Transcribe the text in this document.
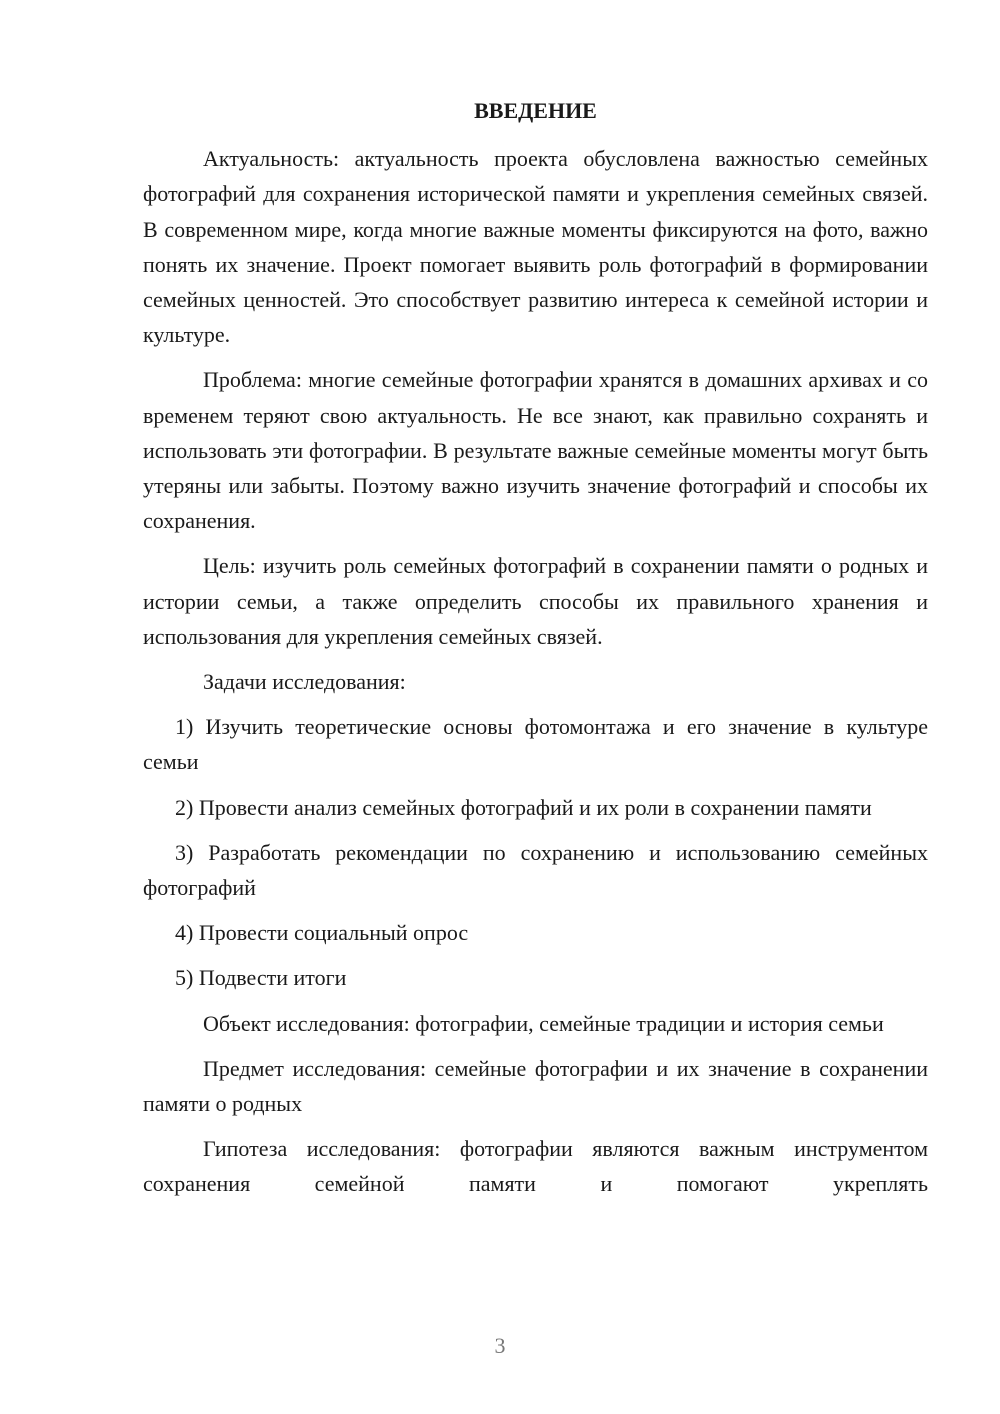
ВВЕДЕНИЕ

Актуальность: актуальность проекта обусловлена важностью семейных фотографий для сохранения исторической памяти и укрепления семейных связей. В современном мире, когда многие важные моменты фиксируются на фото, важно понять их значение. Проект помогает выявить роль фотографий в формировании семейных ценностей. Это способствует развитию интереса к семейной истории и культуре.

Проблема: многие семейные фотографии хранятся в домашних архивах и со временем теряют свою актуальность. Не все знают, как правильно сохранять и использовать эти фотографии. В результате важные семейные моменты могут быть утеряны или забыты. Поэтому важно изучить значение фотографий и способы их сохранения.

Цель: изучить роль семейных фотографий в сохранении памяти о родных и истории семьи, а также определить способы их правильного хранения и использования для укрепления семейных связей.

Задачи исследования:

1) Изучить теоретические основы фотомонтажа и его значение в культуре семьи

2) Провести анализ семейных фотографий и их роли в сохранении памяти

3) Разработать рекомендации по сохранению и использованию семейных фотографий

4) Провести социальный опрос

5) Подвести итоги

Объект исследования: фотографии, семейные традиции и история семьи

Предмет исследования: семейные фотографии и их значение в сохранении памяти о родных

Гипотеза исследования: фотографии являются важным инструментом сохранения семейной памяти и помогают укреплять

3
